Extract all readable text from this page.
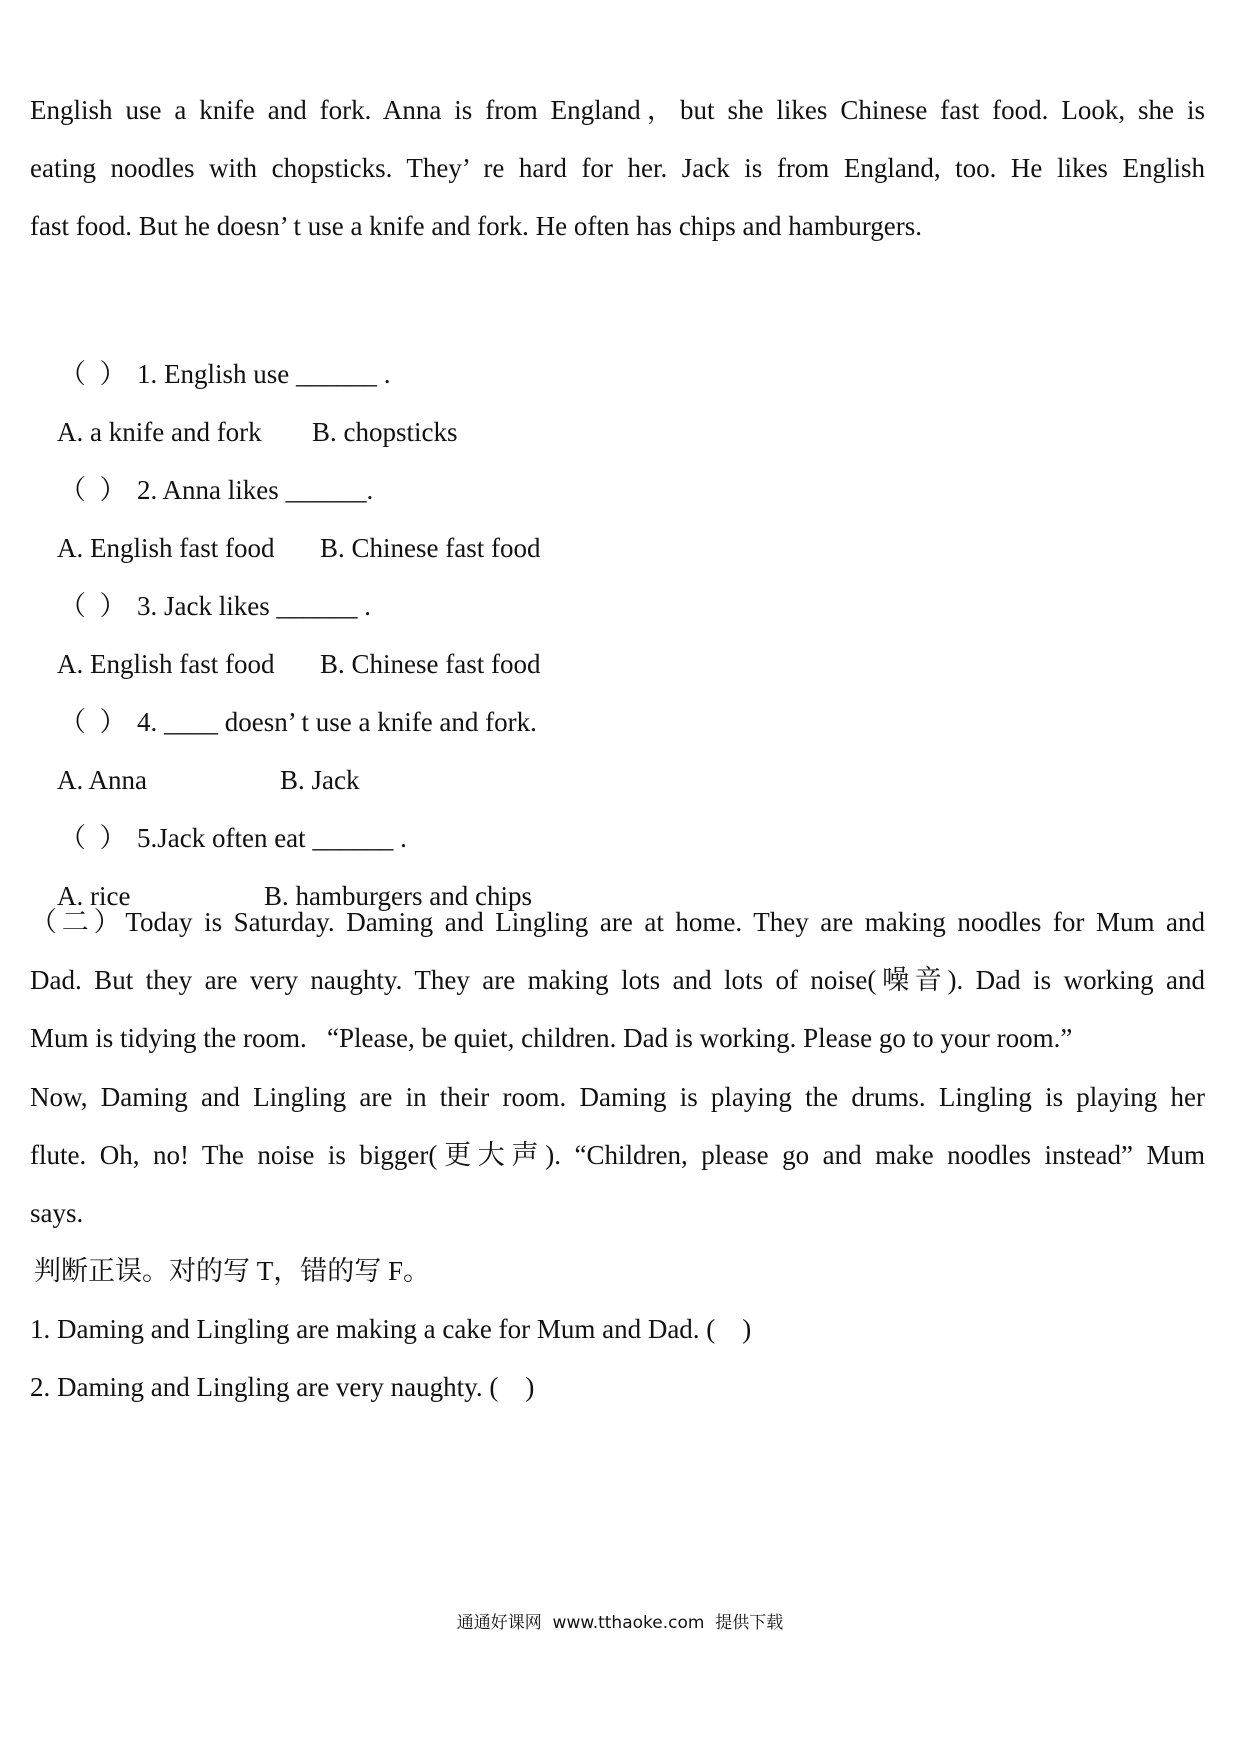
English use a knife and fork. Anna is from England，but she likes Chinese fast food. Look, she is
eating noodles with chopsticks. They’ re hard for her. Jack is from England, too. He likes English
fast food. But he doesn’ t use a knife and fork. He often has chips and hamburgers.

（  ） 1. English use ______ .

A. a knife and fork B. chopsticks

（  ） 2. Anna likes ______.

A. English fast food B. Chinese fast food

（  ） 3. Jack likes ______ .

A. English fast food B. Chinese fast food

（  ） 4. ____ doesn’ t use a knife and fork.

A. Anna	B. Jack

（  ） 5.Jack often eat ______ .

A. rice	B. hamburgers and chips

（二）Today is Saturday. Daming and Lingling are at home. They are making noodles for Mum and
Dad. But they are very naughty. They are making lots and lots of noise(噪音). Dad is working and
Mum is tidying the room.   “Please, be quiet, children. Dad is working. Please go to your room.”
Now, Daming and Lingling are in their room. Daming is playing the drums. Lingling is playing her
flute. Oh, no! The noise is bigger(更大声). “Children, please go and make noodles instead” Mum
says.
判断正误。对的写 T，错的写 F。
1. Daming and Lingling are making a cake for Mum and Dad. (    )
2. Daming and Lingling are very naughty. (    )
通通好课网  www.tthaoke.com  提供下载
